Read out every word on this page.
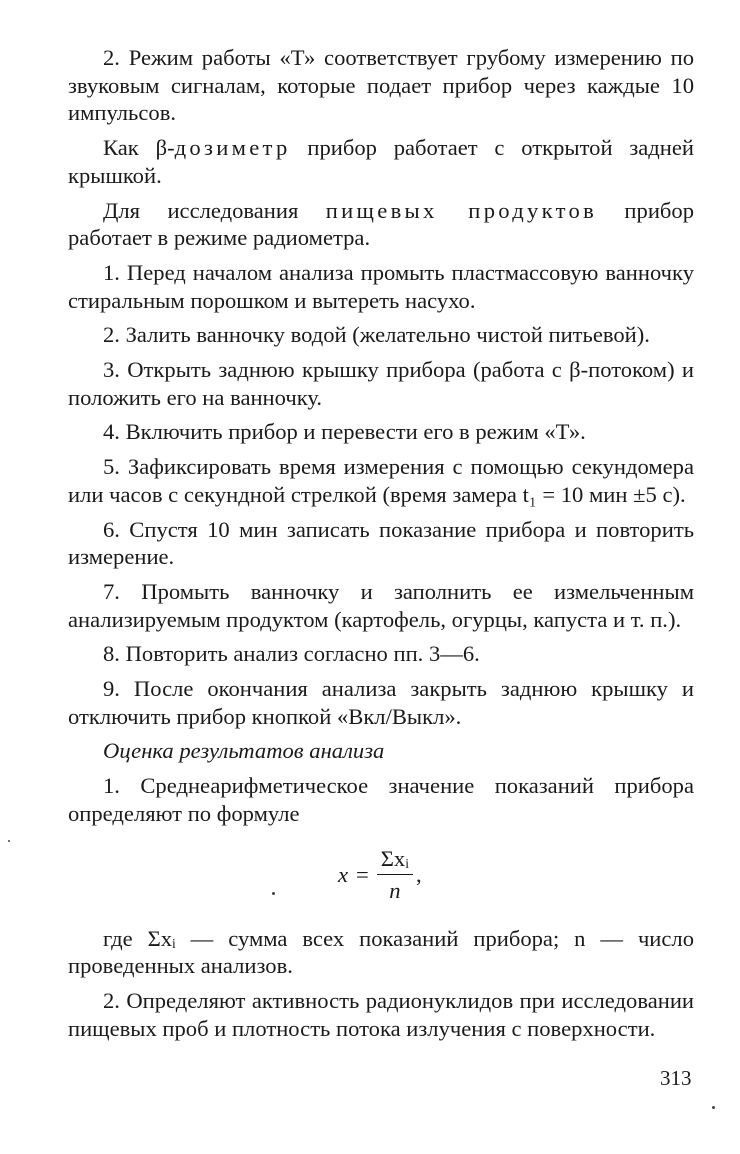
2. Режим работы «Т» соответствует грубому измерению по звуковым сигналам, которые подает прибор через каждые 10 импульсов.

Как β-дозиметр прибор работает с открытой задней крышкой.

Для исследования пищевых продуктов прибор работает в режиме радиометра.

1. Перед началом анализа промыть пластмассовую ванночку стиральным порошком и вытереть насухо.

2. Залить ванночку водой (желательно чистой питьевой).

3. Открыть заднюю крышку прибора (работа с β-потоком) и положить его на ванночку.

4. Включить прибор и перевести его в режим «Т».

5. Зафиксировать время измерения с помощью секундомера или часов с секундной стрелкой (время замера t₁ = 10 мин ±5 с).

6. Спустя 10 мин записать показание прибора и повторить измерение.

7. Промыть ванночку и заполнить ее измельченным анализируемым продуктом (картофель, огурцы, капуста и т. п.).

8. Повторить анализ согласно пп. 3—6.

9. После окончания анализа закрыть заднюю крышку и отключить прибор кнопкой «Вкл/Выкл».

Оценка результатов анализа

1. Среднеарифметическое значение показаний прибора определяют по формуле

$x = \frac{\text{Σxᵢ}}{n}$ ,

где Σxᵢ — сумма всех показаний прибора; n — число проведенных анализов.

2. Определяют активность радионуклидов при исследовании пищевых проб и плотность потока излучения с поверхности.

313
